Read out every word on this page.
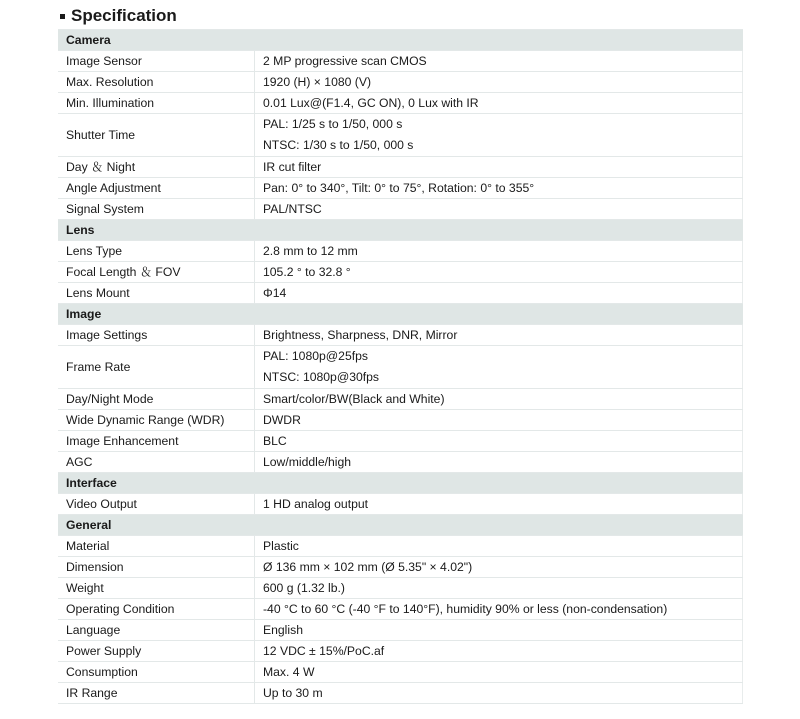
Specification
Camera	
Image Sensor	2 MP progressive scan CMOS
Max. Resolution	1920 (H) × 1080 (V)
Min. Illumination	0.01 Lux@(F1.4, GC ON), 0 Lux with IR
Shutter Time	PAL: 1/25 s to 1/50, 000 s
NTSC: 1/30 s to 1/50, 000 s

Day ＆ Night	IR cut filter
Angle Adjustment	Pan: 0° to 340°, Tilt: 0° to 75°, Rotation: 0° to 355°
Signal System	PAL/NTSC
Lens	
Lens Type	2.8 mm to 12 mm
Focal Length ＆ FOV	105.2 ° to 32.8 °
Lens Mount	Φ14
Image	
Image Settings	Brightness, Sharpness, DNR, Mirror
Frame Rate	PAL: 1080p@25fps
NTSC: 1080p@30fps

Day/Night Mode	Smart/color/BW(Black and White)
Wide Dynamic Range (WDR)	DWDR
Image Enhancement	BLC
AGC	Low/middle/high
Interface	
Video Output	1 HD analog output
General	
Material	Plastic
Dimension	Ø 136 mm × 102 mm (Ø 5.35" × 4.02")
Weight	600 g (1.32 lb.)
Operating Condition	-40 °C to 60 °C (-40 °F to 140°F), humidity 90% or less (non-condensation)
Language	English
Power Supply	12 VDC ± 15%/PoC.af
Consumption	Max. 4 W
IR Range	Up to 30 m
